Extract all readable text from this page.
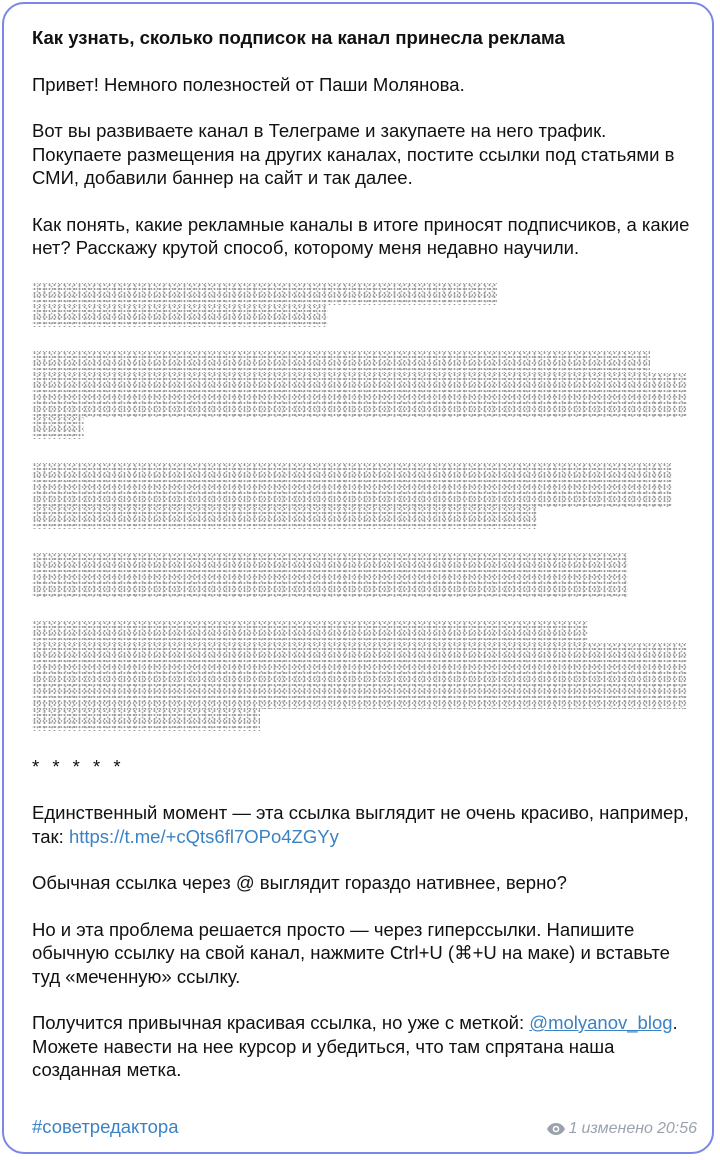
Как узнать, сколько подписок на канал принесла реклама

Привет! Немного полезностей от Паши Молянова.

Вот вы развиваете канал в Телеграме и закупаете на него трафик. Покупаете размещения на других каналах, постите ссылки под статьями в СМИ, добавили баннер на сайт и так далее.

Как понять, какие рекламные каналы в итоге приносят подписчиков, а какие нет? Расскажу крутой способ, которому меня недавно научили.

* * * * *

Единственный момент — эта ссылка выглядит не очень красиво, например, так: https://t.me/+cQts6fl7OPo4ZGYy

Обычная ссылка через @ выглядит гораздо нативнее, верно?

Но и эта проблема решается просто — через гиперссылки. Напишите обычную ссылку на свой канал, нажмите Ctrl+U (⌘+U на маке) и вставьте туд «меченную» ссылку.

Получится привычная красивая ссылка, но уже с меткой: @molyanov_blog. Можете навести на нее курсор и убедиться, что там спрятана наша созданная метка.

#советредактора	1 изменено 20:56
